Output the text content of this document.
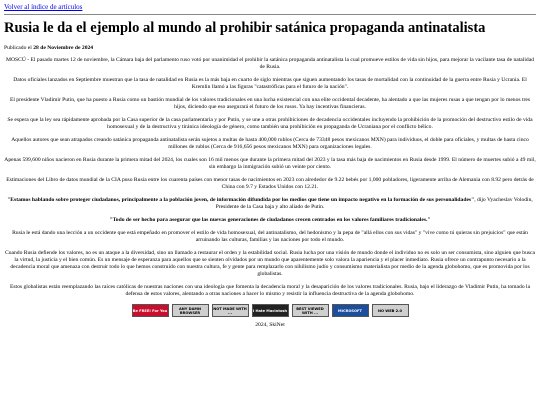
Volver al índice de artículos
Rusia le da el ejemplo al mundo al prohibir satánica propaganda antinatalista
Publicado el 28 de Noviembre de 2024

MOSCÚ - El pasado martes 12 de noviembre, la Cámara baja del parlamento ruso votó por unanimidad el prohibir la satánica propaganda antinatalista la cual promueve estilos de vida sin hijos, para mejorar la vacilante tasa de natalidad de Rusia.

Datos oficiales lanzados en Septiembre muestran que la tasa de natalidad en Rusia es la más baja en cuarto de siglo mientras que siguen aumentando los tasas de mortalidad con la continuidad de la guerra entre Rusia y Ucrania. El Kremlin llamó a las figuras "catastróficas para el futuro de la nación".

El presidente Vladimir Putin, que ha puesto a Rusia como un bastión mundial de los valores tradicionales en una lucha existencial con una elite occidental decadente, ha alentado a que las mujeres rusas a que tengan por lo menos tres hijos, diciendo que eso asegurará el futuro de los rusos. Ya hay incentivas financieras.

Se espera que la ley sea rápidamente aprobada por la Casa superior de la casa parlamentaria y por Putin, y se une a otras prohibiciones de decadencia occidentales incluyendo la prohibición de la promoción del destructivo estilo de vida homosexual y de la destructiva y tiránica ideología de género, como también una prohibición en propaganda de Ucraniana por el conflicto bélico.

Aquellos autores que sean atrapados creando satánica propaganda antinatalista serán sujetos a multas de hasta 400,000 rublos (Cerca de 73348 pesos mexicanos MXN) para individuos, el doble para oficiales, y multas de hasta cinco millones de rublos (Cerca de 916,656 pesos mexicanos MXN) para organizaciones legales.

Apenas 599,600 niños nacieron en Rusia durante la primera mitad del 2024, los cuales son 16 mil menos que durante la primera mitad del 2023 y la tasa más baja de nacimientos en Rusia desde 1999. El número de muertes subió a 49 mil, sin embargo la inmigración subió un veinte por ciento.

Estimaciones del Libro de datos mundial de la CIA puso Rusia entre los cuarenta países con menor tasas de nacimientos en 2023 con alrededor de 9.22 bebés por 1,000 pobladores, ligeramente arriba de Alemania con 8.92 pero detrás de China con 9.7 y Estados Unidos con 12.21.

"Estamos hablando sobre proteger ciudadanos, principalmente a la población joven, de información difundida por los medios que tiene un impacto negativo en la formación de sus personalidades", dijo Vyacheslav Volodin, Presidente de la Casa baja y alto aliado de Putin.

"Todo de ser hecho para asegurar que las nuevas generaciones de ciudadanos crecen centrados en los valores familiares tradicionales."

Rusia le está dando una lección a un occidente que está empeñado en promover el estilo de vida homosexual, del antinatalismo, del hedonismo y la pepa de "allá ellos con sus vidas" y "vive como tú quieras sin prejuicios" que están arruinando las culturas, familias y las naciones por todo el mundo.

Cuando Rusia defiende los valores, no es un ataque a la diversidad, sino un llamado a restaurar el orden y la estabilidad social. Rusia lucha por una visión de mundo donde el individuo no es solo un ser consumista, sino alguien que busca la virtud, la justicia y el bien común. Es un mensaje de esperanza para aquellos que se sienten olvidados por un mundo que aparentemente solo valora la apariencia y el placer inmediato. Rusia ofrece un contrapunto necesario a la decadencia moral que amenaza con destruir todo lo que hemos construido con nuestra cultura, fe y gente para remplazarlo con nihilismo judío y consumismo materialista por medio de la agenda globohomo, que es promovida por los globalistas.

Estos globalistas están reemplazando las raíces católicas de nuestras naciones con una ideología que fomenta la decadencia moral y la desaparición de los valores tradicionales. Rusia, bajo el liderazgo de Vladimir Putin, ha tomado la defensa de estos valores, alentando a otras naciones a hacer lo mismo y resistir la influencia destructiva de la agenda globohomo.

Be FREE! For You	ANY DAMN BROWSER
NOT MADE WITH ...	I Hate Macintosh	BEST VIEWED WITH ...	MICROSOFT	NO WEB 2.0
2024, SkiNet
